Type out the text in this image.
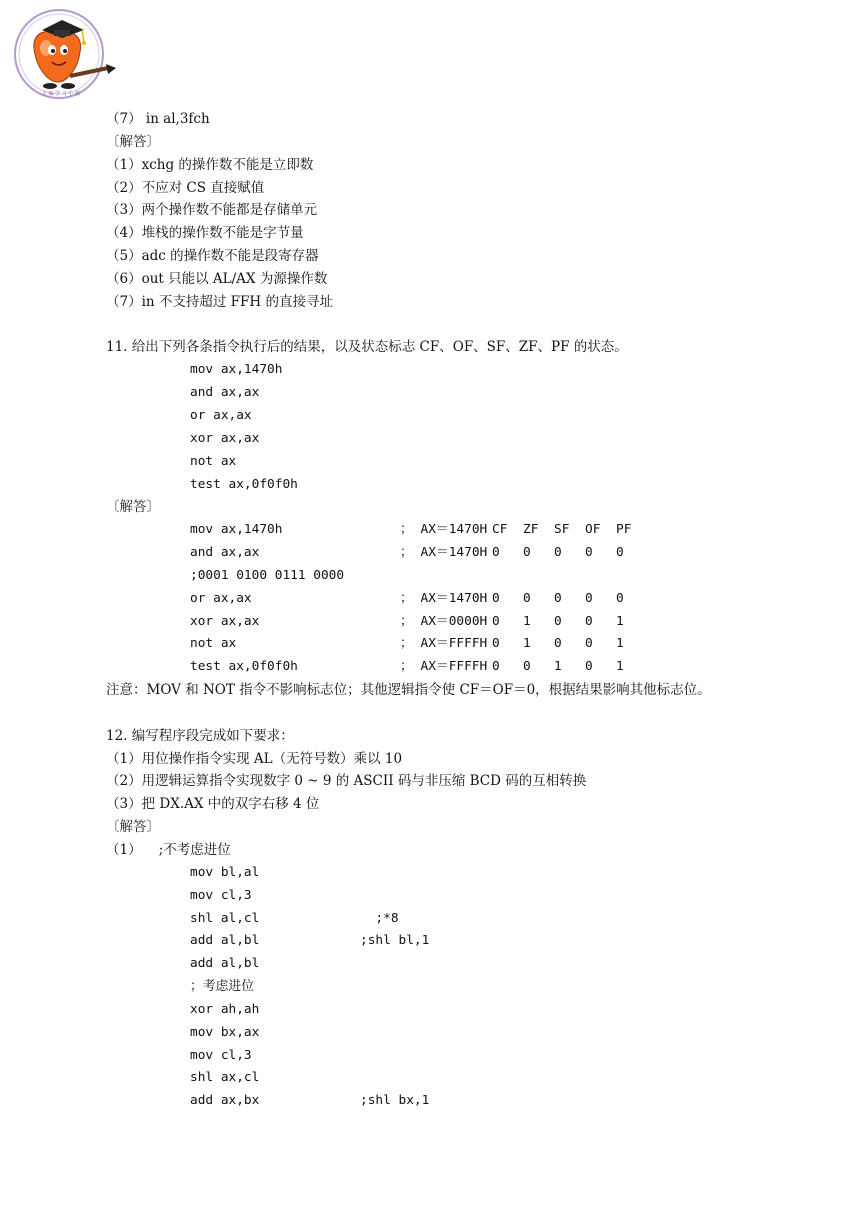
主 编 学 习 小 组
（7） in al,3fch
〔解答〕
（1）xchg 的操作数不能是立即数
（2）不应对 CS 直接赋值
（3）两个操作数不能都是存储单元
（4）堆栈的操作数不能是字节量
（5）adc 的操作数不能是段寄存器
（6）out 只能以 AL/AX 为源操作数
（7）in 不支持超过 FFH 的直接寻址
11. 给出下列各条指令执行后的结果，以及状态标志 CF、OF、SF、ZF、PF 的状态。
mov ax,1470h
and ax,ax
or ax,ax
xor ax,ax
not ax
test ax,0f0f0h
〔解答〕
mov ax,1470h	； AX＝1470H CF	ZF	SF	OF	PF
and ax,ax	； AX＝1470H 0	0	0	0	0
;0001 0100 0111 0000
or ax,ax	； AX＝1470H 0	0	0	0	0
xor ax,ax	； AX＝0000H 0	1	0	0	1
not ax	； AX＝FFFFH 0	1	0	0	1
test ax,0f0f0h	； AX＝FFFFH 0	0	1	0	1
注意：MOV 和 NOT 指令不影响标志位；其他逻辑指令使 CF＝OF＝0，根据结果影响其他标志位。
12. 编写程序段完成如下要求：
（1）用位操作指令实现 AL（无符号数）乘以 10
（2）用逻辑运算指令实现数字 0 ~ 9 的 ASCII 码与非压缩 BCD 码的互相转换
（3）把 DX.AX 中的双字右移 4 位
〔解答〕
（1）    ;不考虑进位
mov bl,al
mov cl,3
shl al,cl	;*8
add al,bl	;shl bl,1
add al,bl
；考虑进位
xor ah,ah
mov bx,ax
mov cl,3
shl ax,cl
add ax,bx	;shl bx,1
